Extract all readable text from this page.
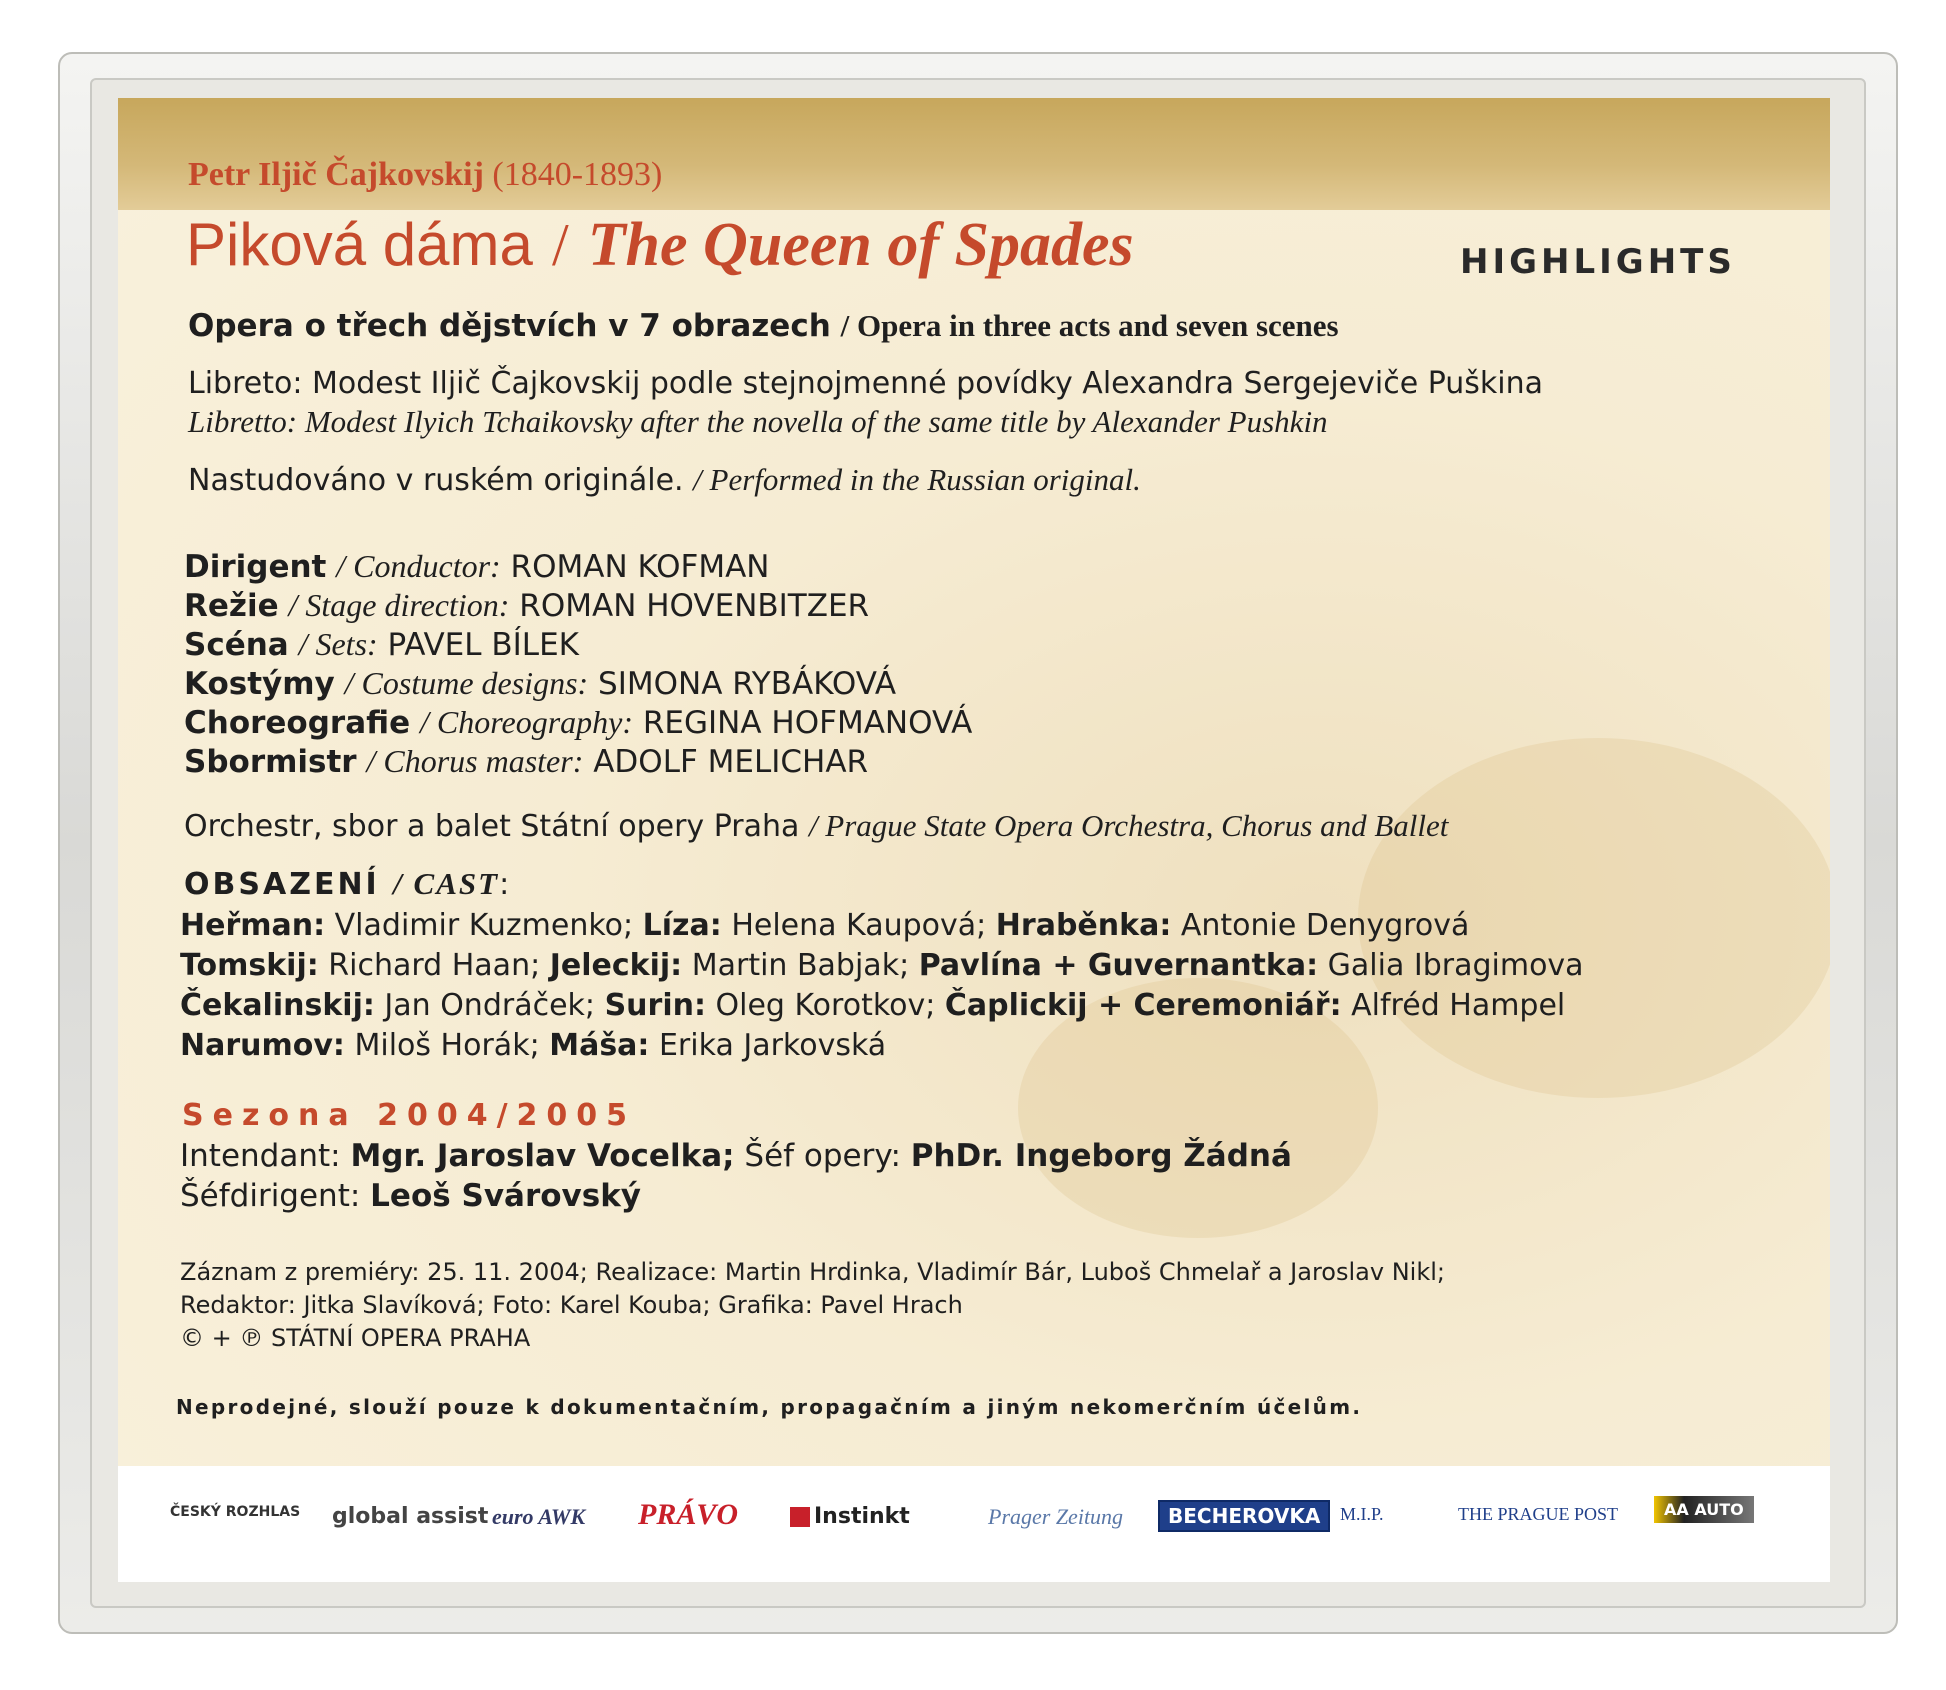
Petr Iljič Čajkovskij (1840-1893)
Piková dáma / The Queen of Spades	HIGHLIGHTS
Opera o třech dějstvích v 7 obrazech / Opera in three acts and seven scenes
Libreto: Modest Iljič Čajkovskij podle stejnojmenné povídky Alexandra Sergejeviče Puškina
Libretto: Modest Ilyich Tchaikovsky after the novella of the same title by Alexander Pushkin
Nastudováno v ruském originále. / Performed in the Russian original.
Dirigent / Conductor: ROMAN KOFMAN
Režie / Stage direction: ROMAN HOVENBITZER
Scéna / Sets: PAVEL BÍLEK
Kostýmy / Costume designs: SIMONA RYBÁKOVÁ
Choreografie / Choreography: REGINA HOFMANOVÁ
Sbormistr / Chorus master: ADOLF MELICHAR
Orchestr, sbor a balet Státní opery Praha / Prague State Opera Orchestra, Chorus and Ballet
OBSAZENÍ / CAST:
Heřman: Vladimir Kuzmenko; Líza: Helena Kaupová; Hraběnka: Antonie Denygrová
Tomskij: Richard Haan; Jeleckij: Martin Babjak; Pavlína + Guvernantka: Galia Ibragimova
Čekalinskij: Jan Ondráček; Surin: Oleg Korotkov; Čaplickij + Ceremoniář: Alfréd Hampel
Narumov: Miloš Horák; Máša: Erika Jarkovská
Sezona 2004/2005
Intendant: Mgr. Jaroslav Vocelka; Šéf opery: PhDr. Ingeborg Žádná
Šéfdirigent: Leoš Svárovský
Záznam z premiéry: 25. 11. 2004; Realizace: Martin Hrdinka, Vladimír Bár, Luboš Chmelař a Jaroslav Nikl;
Redaktor: Jitka Slavíková; Foto: Karel Kouba; Grafika: Pavel Hrach
© + ℗ STÁTNÍ OPERA PRAHA
Neprodejné, slouží pouze k dokumentačním, propagačním a jiným nekomerčním účelům.
ČESKÝ ROZHLAS global assist euro AWK PRÁVO	Instinkt	Prager Zeitung	BECHEROVKA	M.I.P.	THE PRAGUE POST	AA AUTO
